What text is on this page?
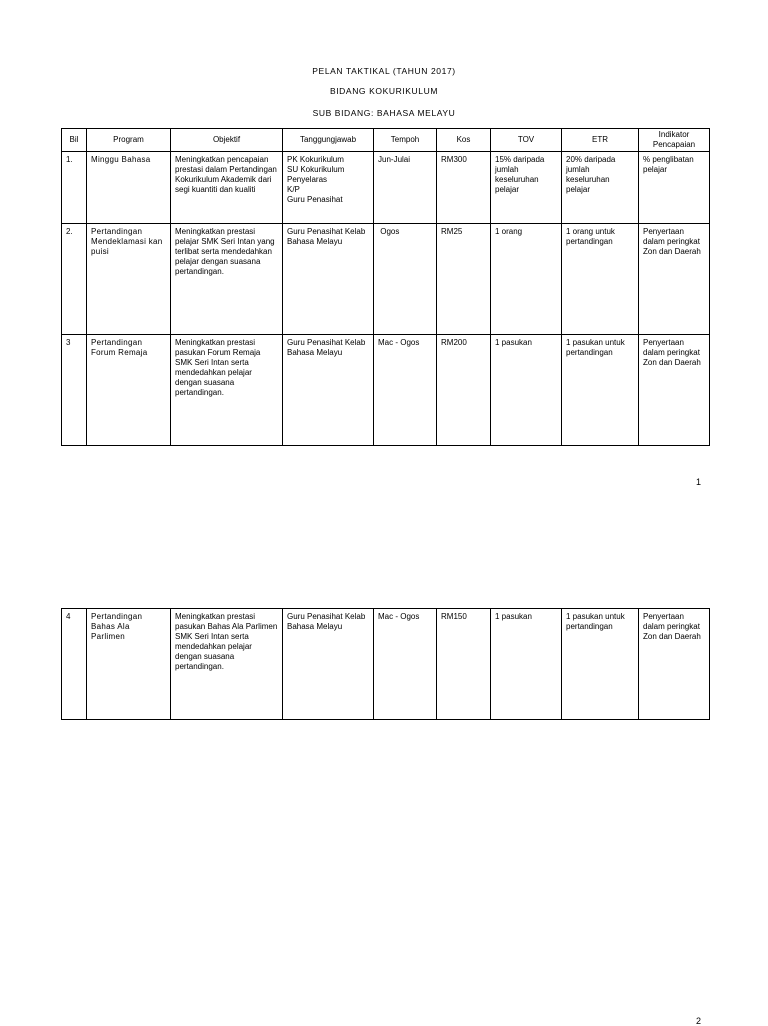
PELAN TAKTIKAL (TAHUN 2017)
BIDANG KOKURIKULUM
SUB BIDANG: BAHASA MELAYU
Bil	Program	Objektif	Tanggungjawab	Tempoh	Kos	TOV	ETR	Indikator Pencapaian
1.	Minggu Bahasa	Meningkatkan pencapaian prestasi dalam Pertandingan Kokurikulum Akademik dari segi kuantiti dan kualiti	PK Kokurikulum
SU Kokurikulum
Penyelaras
K/P
Guru Penasihat	Jun-Julai	RM300	15% daripada jumlah keseluruhan pelajar	20% daripada jumlah keseluruhan pelajar	% penglibatan pelajar
2.	Pertandingan Mendeklamasi kan puisi	Meningkatkan prestasi pelajar SMK Seri Intan yang terlibat serta mendedahkan pelajar dengan suasana pertandingan.	Guru Penasihat Kelab Bahasa Melayu	Ogos	RM25	1 orang	1 orang untuk pertandingan	Penyertaan dalam peringkat Zon dan Daerah
3	Pertandingan Forum Remaja	Meningkatkan prestasi pasukan Forum Remaja SMK Seri Intan serta mendedahkan pelajar dengan suasana pertandingan.	Guru Penasihat Kelab Bahasa Melayu	Mac - Ogos	RM200	1 pasukan	1 pasukan untuk pertandingan	Penyertaan dalam peringkat Zon dan Daerah
1
4	Pertandingan Bahas Ala Parlimen	Meningkatkan prestasi pasukan Bahas Ala Parlimen SMK Seri Intan serta mendedahkan pelajar dengan suasana pertandingan.	Guru Penasihat Kelab Bahasa Melayu	Mac - Ogos	RM150	1 pasukan	1 pasukan untuk pertandingan	Penyertaan dalam peringkat Zon dan Daerah
2
